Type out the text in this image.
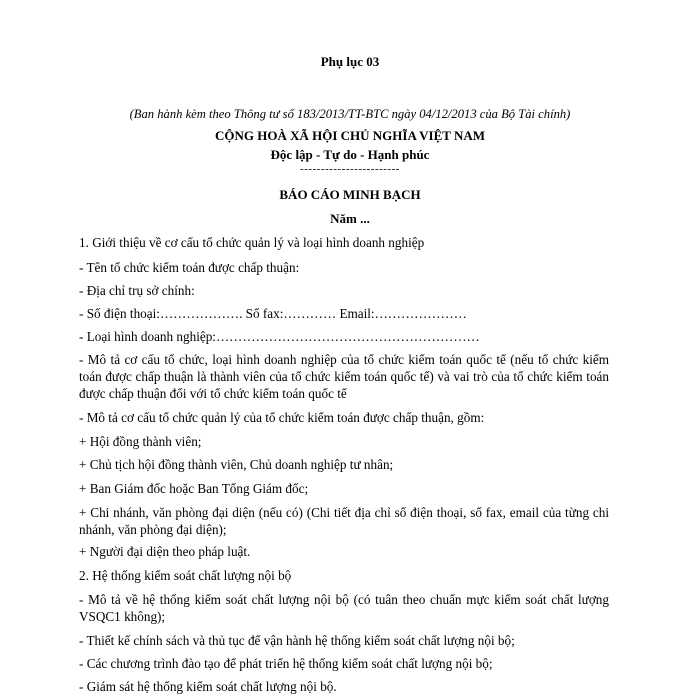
Phụ lục 03
(Ban hành kèm theo Thông tư số 183/2013/TT-BTC ngày 04/12/2013 của Bộ Tài chính)
CỘNG HOÀ XÃ HỘI CHỦ NGHĨA VIỆT NAM
Độc lập - Tự do - Hạnh phúc
------------------------
BÁO CÁO MINH BẠCH
Năm ...
1. Giới thiệu về cơ cấu tổ chức quản lý và loại hình doanh nghiệp
- Tên tổ chức kiểm toán được chấp thuận:
- Địa chỉ trụ sở chính:
- Số điện thoại:………………. Số fax:………… Email:…………………
- Loại hình doanh nghiệp:……………………………………………………
- Mô tả cơ cấu tổ chức, loại hình doanh nghiệp của tổ chức kiểm toán quốc tế (nếu tổ chức kiểm toán được chấp thuận là thành viên của tổ chức kiểm toán quốc tế) và vai trò của tổ chức kiểm toán được chấp thuận đối với tổ chức kiểm toán quốc tế
- Mô tả cơ cấu tổ chức quản lý của tổ chức kiểm toán được chấp thuận, gồm:
+ Hội đồng thành viên;
+ Chủ tịch hội đồng thành viên, Chủ doanh nghiệp tư nhân;
+ Ban Giám đốc hoặc Ban Tổng Giám đốc;
+ Chi nhánh, văn phòng đại diện (nếu có) (Chi tiết địa chỉ số điện thoại, số fax, email của từng chi nhánh, văn phòng đại diện);
+ Người đại diện theo pháp luật.
2. Hệ thống kiểm soát chất lượng nội bộ
- Mô tả về hệ thống kiểm soát chất lượng nội bộ (có tuân theo chuẩn mực kiểm soát chất lượng VSQC1 không);
- Thiết kế chính sách và thủ tục để vận hành hệ thống kiểm soát chất lượng nội bộ;
- Các chương trình đào tạo để phát triển hệ thống kiểm soát chất lượng nội bộ;
- Giám sát hệ thống kiểm soát chất lượng nội bộ.
